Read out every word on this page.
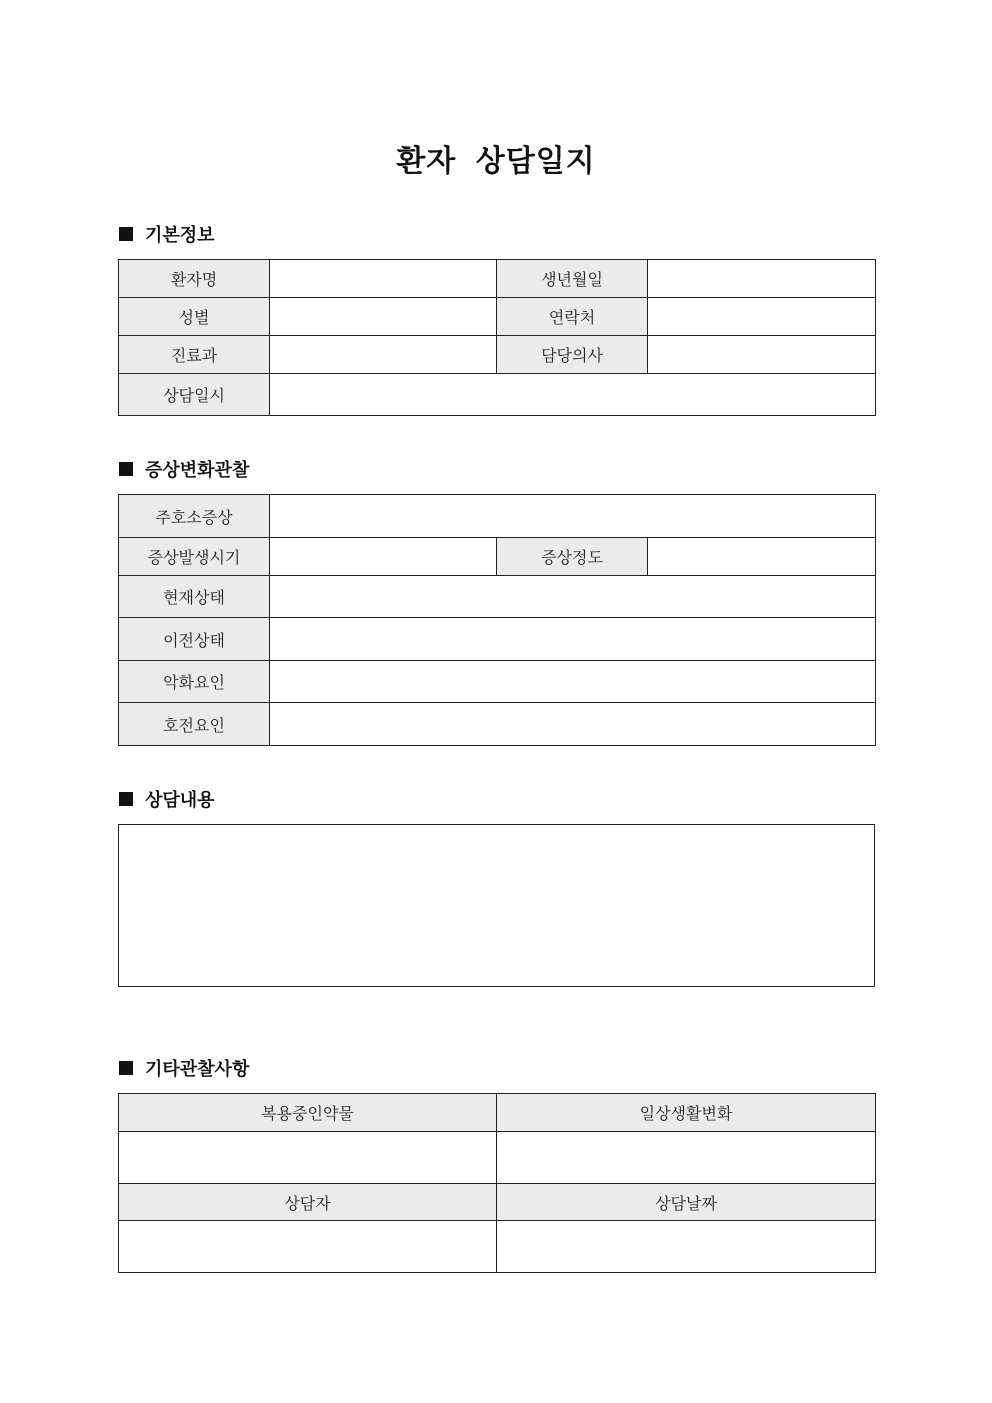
환자 상담일지
기본정보
환자명		생년월일	
성별		연락처	
진료과		담당의사	
상담일시			
증상변화관찰
주호소증상			
증상발생시기		증상정도	
현재상태			
이전상태			
악화요인			
호전요인			
상담내용
기타관찰사항
복용중인약물	일상생활변화

상담자	상담날짜
